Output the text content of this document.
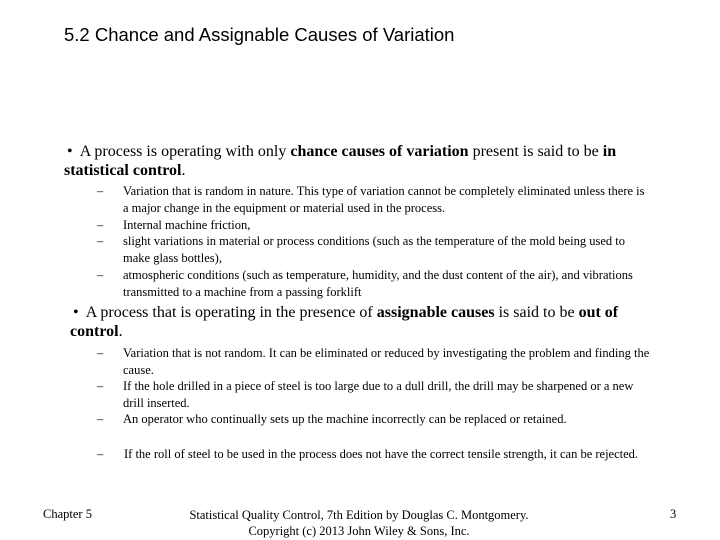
5.2 Chance and Assignable Causes of Variation
• A process is operating with only chance causes of variation present is said to be in statistical control.
– Variation that is random in nature. This type of variation cannot be completely eliminated unless there is a major change in the equipment or material used in the process.
– Internal machine friction,
– slight variations in material or process conditions (such as the temperature of the mold being used to make glass bottles),
– atmospheric conditions (such as temperature, humidity, and the dust content of the air), and vibrations transmitted to a machine from a passing forklift
• A process that is operating in the presence of assignable causes is said to be out of control.
– Variation that is not random. It can be eliminated or reduced by investigating the problem and finding the cause.
– If the hole drilled in a piece of steel is too large due to a dull drill, the drill may be sharpened or a new drill inserted.
– An operator who continually sets up the machine incorrectly can be replaced or retained.
– If the roll of steel to be used in the process does not have the correct tensile strength, it can be rejected.
Chapter 5	Statistical Quality Control, 7th Edition by Douglas C. Montgomery.
Copyright (c) 2013 John Wiley & Sons, Inc.
3
